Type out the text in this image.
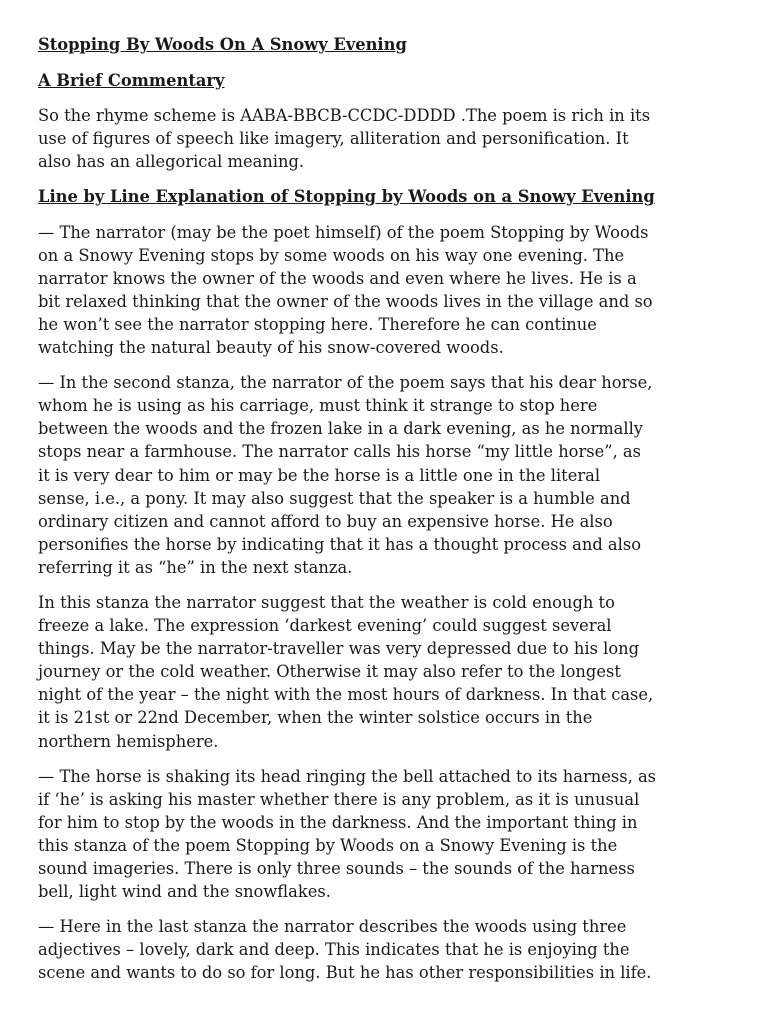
Stopping By Woods On A Snowy Evening

A Brief Commentary

So the rhyme scheme is AABA-BBCB-CCDC-DDDD .The poem is rich in its
use of figures of speech like imagery, alliteration and personification. It
also has an allegorical meaning.

Line by Line Explanation of Stopping by Woods on a Snowy Evening

— The narrator (may be the poet himself) of the poem Stopping by Woods
on a Snowy Evening stops by some woods on his way one evening. The
narrator knows the owner of the woods and even where he lives. He is a
bit relaxed thinking that the owner of the woods lives in the village and so
he won’t see the narrator stopping here. Therefore he can continue
watching the natural beauty of his snow-covered woods.

— In the second stanza, the narrator of the poem says that his dear horse,
whom he is using as his carriage, must think it strange to stop here
between the woods and the frozen lake in a dark evening, as he normally
stops near a farmhouse. The narrator calls his horse “my little horse”, as
it is very dear to him or may be the horse is a little one in the literal
sense, i.e., a pony. It may also suggest that the speaker is a humble and
ordinary citizen and cannot afford to buy an expensive horse. He also
personifies the horse by indicating that it has a thought process and also
referring it as “he” in the next stanza.

In this stanza the narrator suggest that the weather is cold enough to
freeze a lake. The expression ‘darkest evening’ could suggest several
things. May be the narrator-traveller was very depressed due to his long
journey or the cold weather. Otherwise it may also refer to the longest
night of the year – the night with the most hours of darkness. In that case,
it is 21st or 22nd December, when the winter solstice occurs in the
northern hemisphere.

— The horse is shaking its head ringing the bell attached to its harness, as
if ‘he’ is asking his master whether there is any problem, as it is unusual
for him to stop by the woods in the darkness. And the important thing in
this stanza of the poem Stopping by Woods on a Snowy Evening is the
sound imageries. There is only three sounds – the sounds of the harness
bell, light wind and the snowflakes.

— Here in the last stanza the narrator describes the woods using three
adjectives – lovely, dark and deep. This indicates that he is enjoying the
scene and wants to do so for long. But he has other responsibilities in life.
